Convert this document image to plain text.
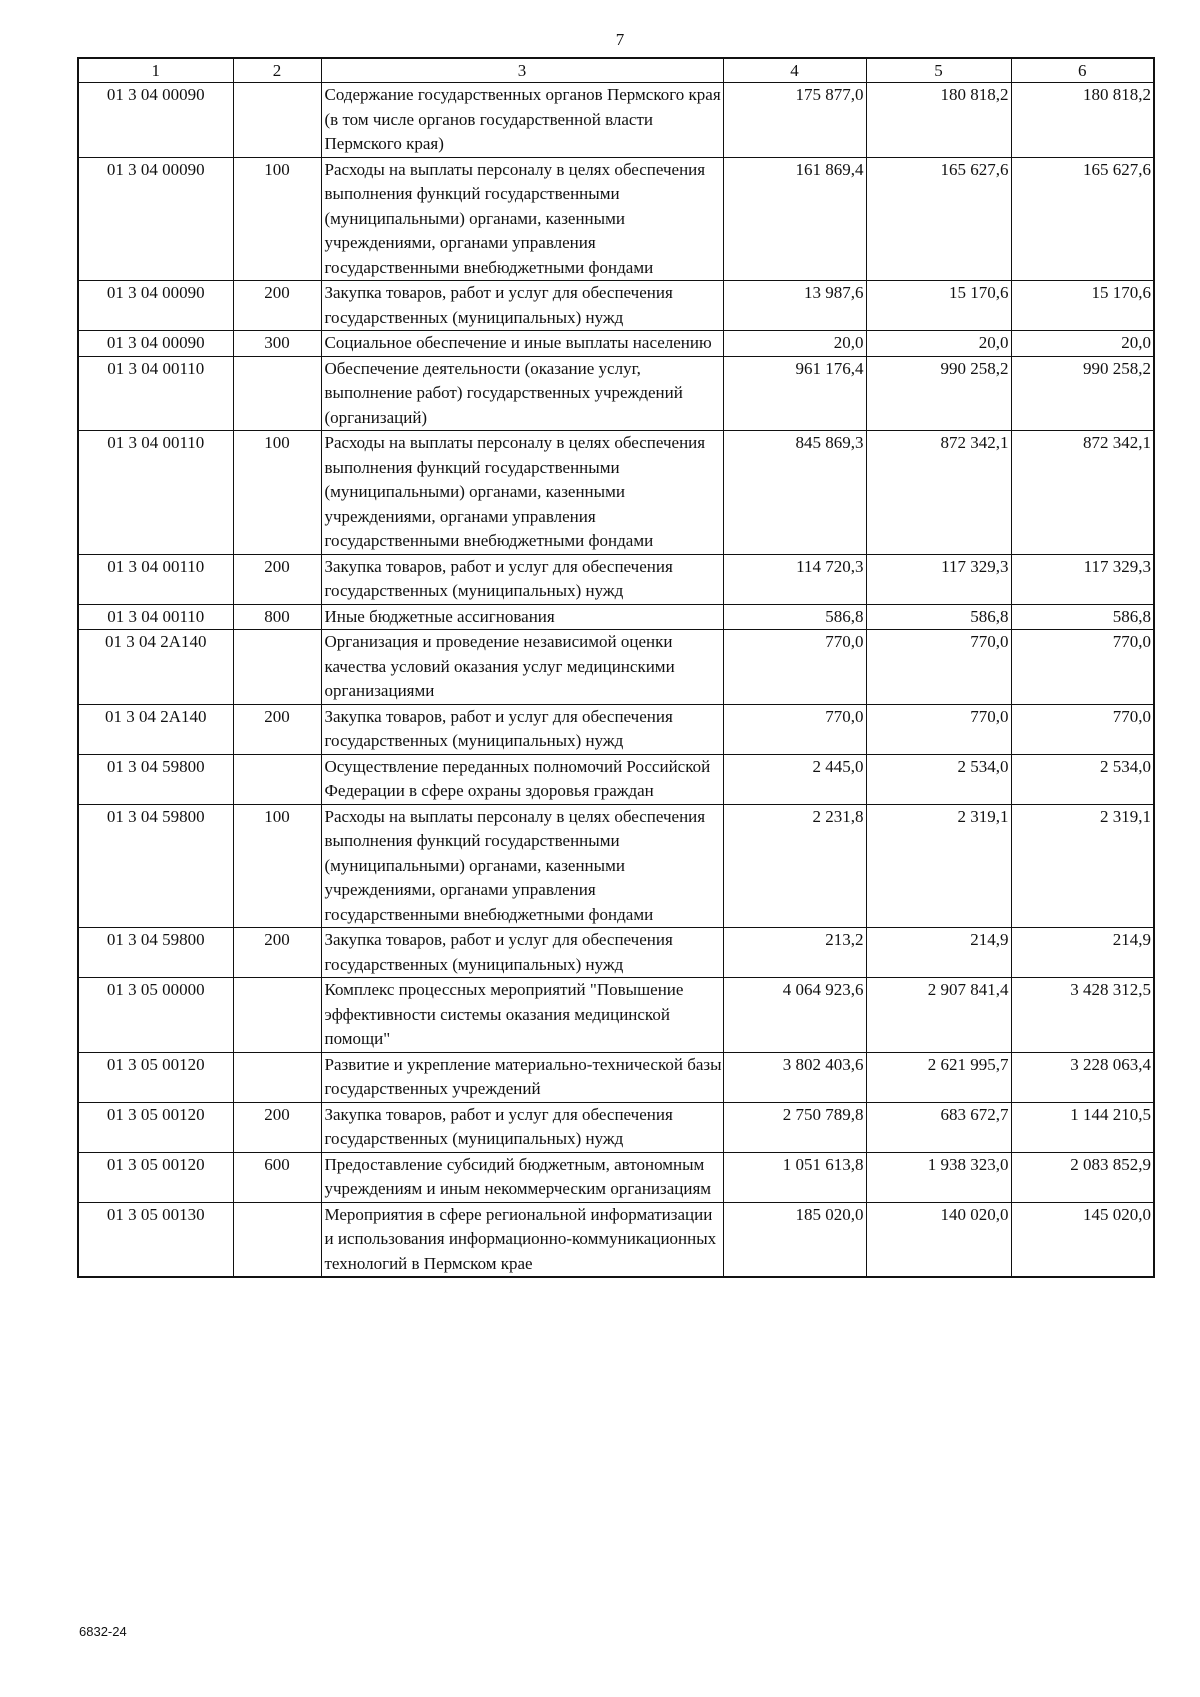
7
1	2	3	4	5	6
01 3 04 00090		Содержание государственных органов Пермского края (в том числе органов государственной власти Пермского края)	175 877,0	180 818,2	180 818,2
01 3 04 00090	100	Расходы на выплаты персоналу в целях обеспечения выполнения функций государственными (муниципальными) органами, казенными учреждениями, органами управления государственными внебюджетными фондами	161 869,4	165 627,6	165 627,6
01 3 04 00090	200	Закупка товаров, работ и услуг для обеспечения государственных (муниципальных) нужд	13 987,6	15 170,6	15 170,6
01 3 04 00090	300	Социальное обеспечение и иные выплаты населению	20,0	20,0	20,0
01 3 04 00110		Обеспечение деятельности (оказание услуг, выполнение работ) государственных учреждений (организаций)	961 176,4	990 258,2	990 258,2
01 3 04 00110	100	Расходы на выплаты персоналу в целях обеспечения выполнения функций государственными (муниципальными) органами, казенными учреждениями, органами управления государственными внебюджетными фондами	845 869,3	872 342,1	872 342,1
01 3 04 00110	200	Закупка товаров, работ и услуг для обеспечения государственных (муниципальных) нужд	114 720,3	117 329,3	117 329,3
01 3 04 00110	800	Иные бюджетные ассигнования	586,8	586,8	586,8
01 3 04 2А140		Организация и проведение независимой оценки качества условий оказания услуг медицинскими организациями	770,0	770,0	770,0
01 3 04 2А140	200	Закупка товаров, работ и услуг для обеспечения государственных (муниципальных) нужд	770,0	770,0	770,0
01 3 04 59800		Осуществление переданных полномочий Российской Федерации в сфере охраны здоровья граждан	2 445,0	2 534,0	2 534,0
01 3 04 59800	100	Расходы на выплаты персоналу в целях обеспечения выполнения функций государственными (муниципальными) органами, казенными учреждениями, органами управления государственными внебюджетными фондами	2 231,8	2 319,1	2 319,1
01 3 04 59800	200	Закупка товаров, работ и услуг для обеспечения государственных (муниципальных) нужд	213,2	214,9	214,9
01 3 05 00000		Комплекс процессных мероприятий "Повышение эффективности системы оказания медицинской помощи"	4 064 923,6	2 907 841,4	3 428 312,5
01 3 05 00120		Развитие и укрепление материально-технической базы государственных учреждений	3 802 403,6	2 621 995,7	3 228 063,4
01 3 05 00120	200	Закупка товаров, работ и услуг для обеспечения государственных (муниципальных) нужд	2 750 789,8	683 672,7	1 144 210,5
01 3 05 00120	600	Предоставление субсидий бюджетным, автономным учреждениям и иным некоммерческим организациям	1 051 613,8	1 938 323,0	2 083 852,9
01 3 05 00130		Мероприятия в сфере региональной информатизации и использования информационно-коммуникационных технологий в Пермском крае	185 020,0	140 020,0	145 020,0
6832-24
